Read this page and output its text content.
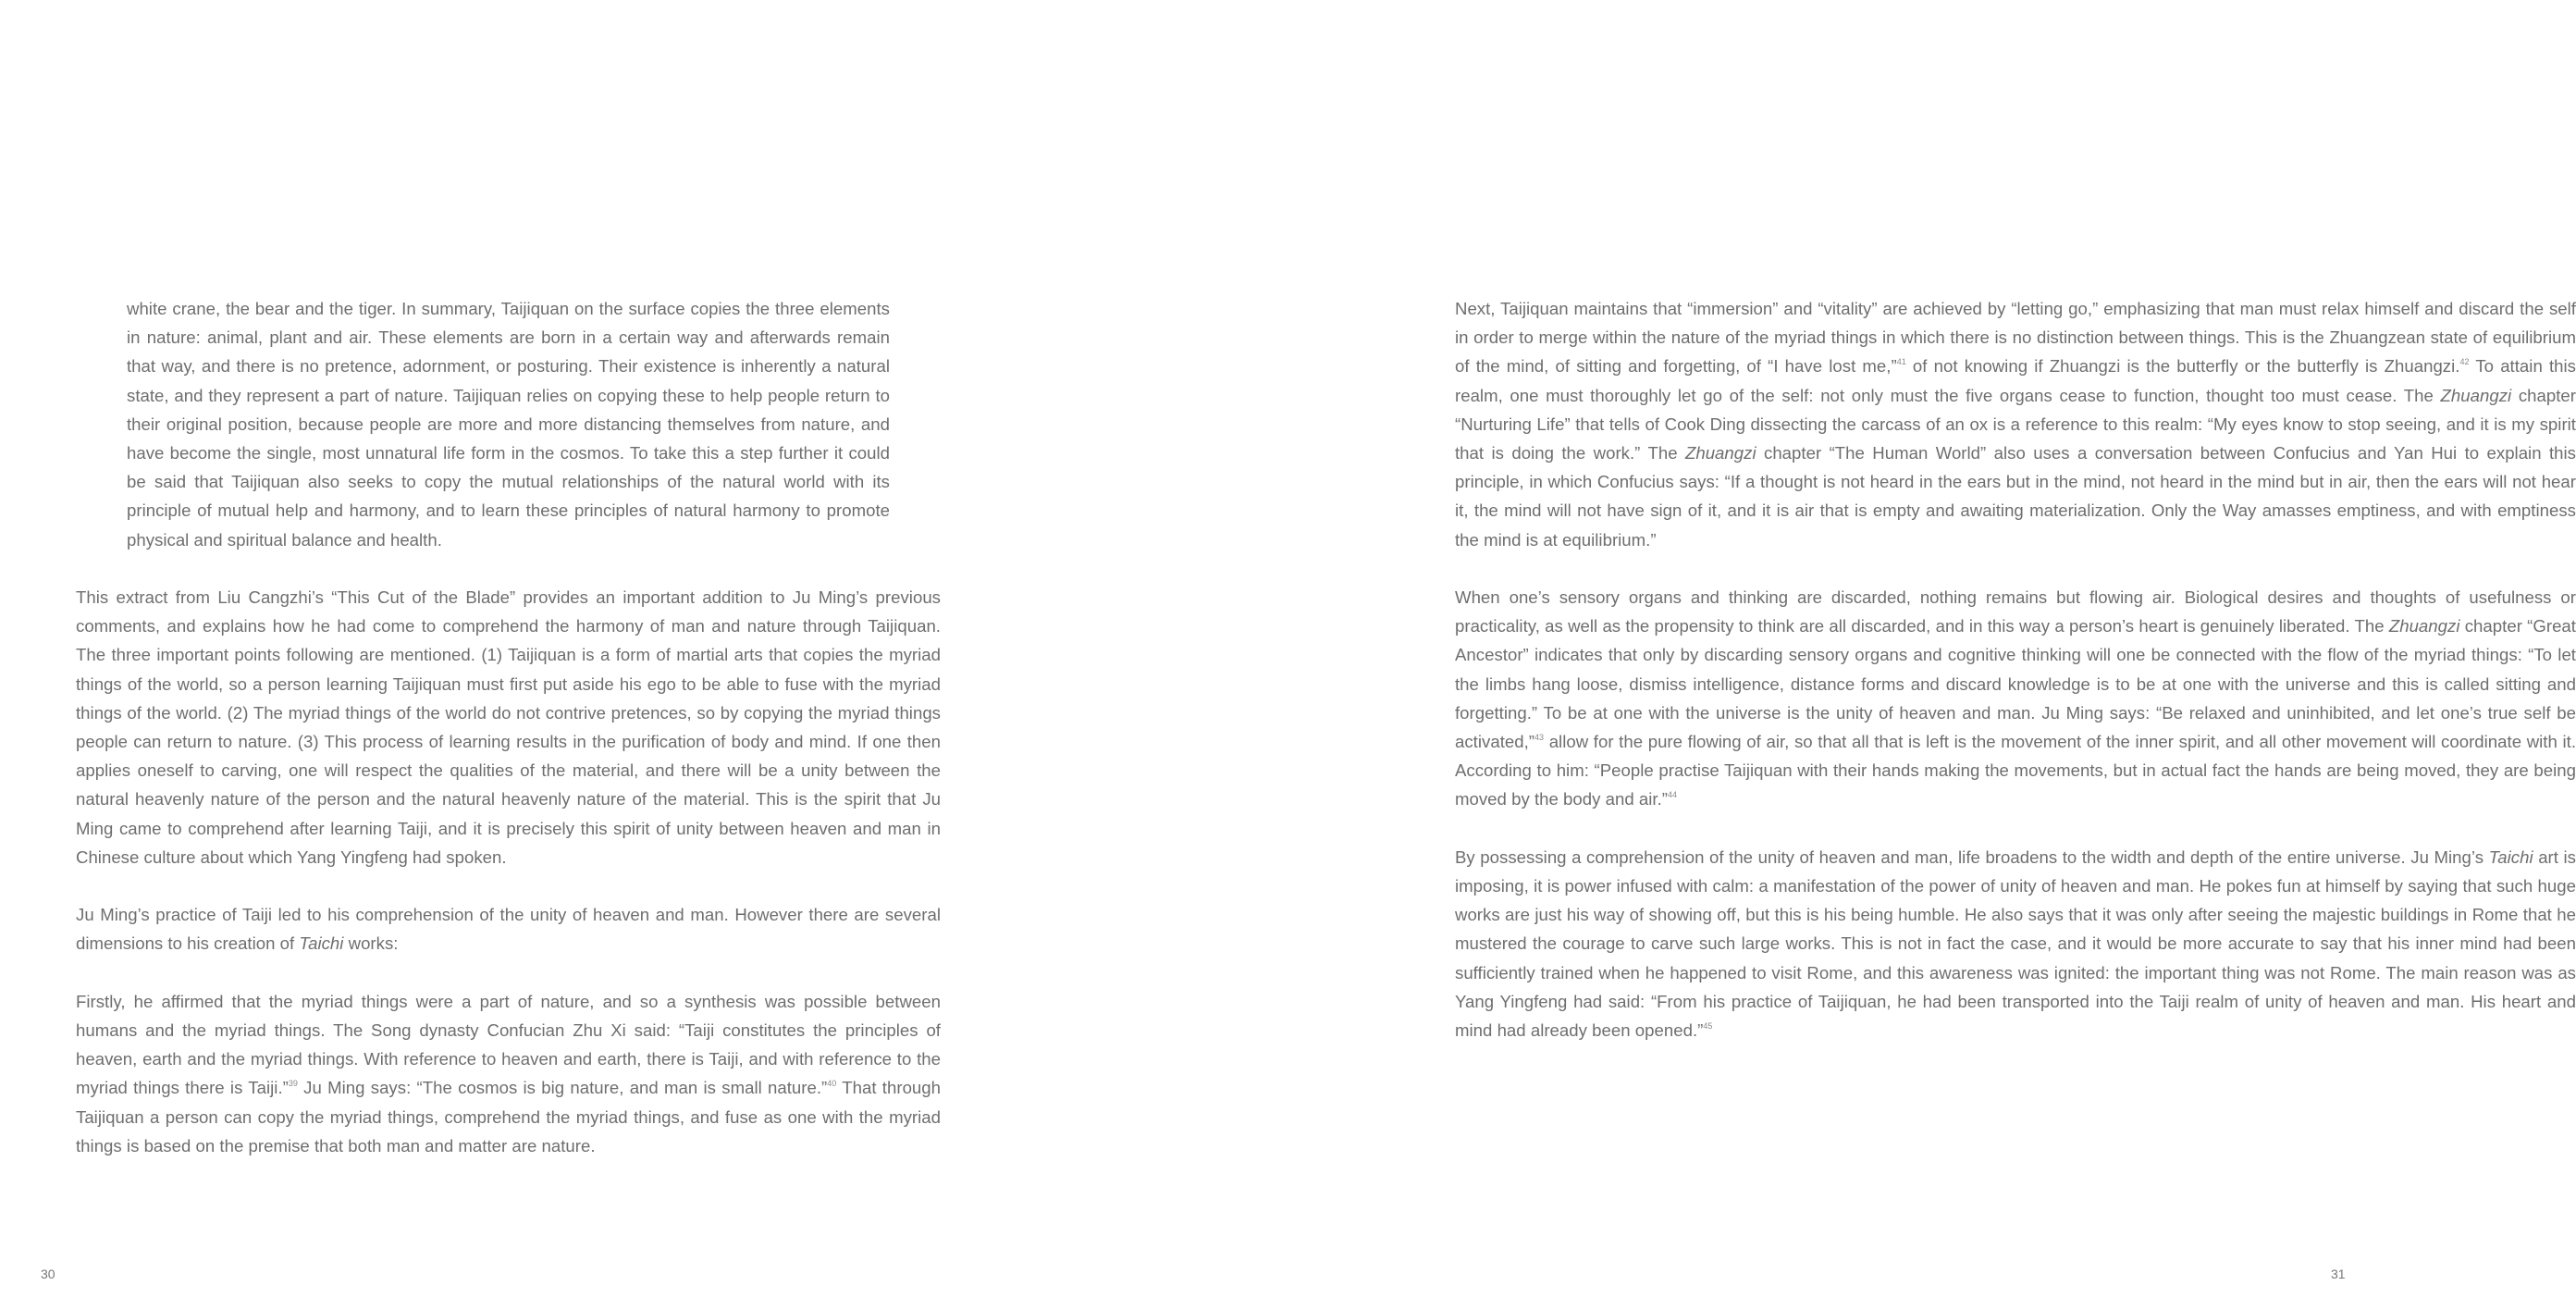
white crane, the bear and the tiger. In summary, Taijiquan on the surface copies the three elements in nature: animal, plant and air. These elements are born in a certain way and afterwards remain that way, and there is no pretence, adornment, or posturing. Their existence is inherently a natural state, and they represent a part of nature. Taijiquan relies on copying these to help people return to their original position, because people are more and more distancing themselves from nature, and have become the single, most unnatural life form in the cosmos. To take this a step further it could be said that Taijiquan also seeks to copy the mutual relationships of the natural world with its principle of mutual help and harmony, and to learn these principles of natural harmony to promote physical and spiritual balance and health.

This extract from Liu Cangzhi’s “This Cut of the Blade” provides an important addition to Ju Ming’s previous comments, and explains how he had come to comprehend the harmony of man and nature through Taijiquan. The three important points following are mentioned. (1) Taijiquan is a form of martial arts that copies the myriad things of the world, so a person learning Taijiquan must first put aside his ego to be able to fuse with the myriad things of the world. (2) The myriad things of the world do not contrive pretences, so by copying the myriad things people can return to nature. (3) This process of learning results in the purification of body and mind. If one then applies oneself to carving, one will respect the qualities of the material, and there will be a unity between the natural heavenly nature of the person and the natural heavenly nature of the material. This is the spirit that Ju Ming came to comprehend after learning Taiji, and it is precisely this spirit of unity between heaven and man in Chinese culture about which Yang Yingfeng had spoken.

Ju Ming’s practice of Taiji led to his comprehension of the unity of heaven and man. However there are several dimensions to his creation of Taichi works:

Firstly, he affirmed that the myriad things were a part of nature, and so a synthesis was possible between humans and the myriad things. The Song dynasty Confucian Zhu Xi said: “Taiji constitutes the principles of heaven, earth and the myriad things. With reference to heaven and earth, there is Taiji, and with reference to the myriad things there is Taiji.”$^{39}$ Ju Ming says: “The cosmos is big nature, and man is small nature.”$^{40}$ That through Taijiquan a person can copy the myriad things, comprehend the myriad things, and fuse as one with the myriad things is based on the premise that both man and matter are nature.

30

Next, Taijiquan maintains that “immersion” and “vitality” are achieved by “letting go,” emphasizing that man must relax himself and discard the self in order to merge within the nature of the myriad things in which there is no distinction between things. This is the Zhuangzean state of equilibrium of the mind, of sitting and forgetting, of “I have lost me,”$^{41}$ of not knowing if Zhuangzi is the butterfly or the butterfly is Zhuangzi.$^{42}$ To attain this realm, one must thoroughly let go of the self: not only must the five organs cease to function, thought too must cease. The Zhuangzi chapter “Nurturing Life” that tells of Cook Ding dissecting the carcass of an ox is a reference to this realm: “My eyes know to stop seeing, and it is my spirit that is doing the work.” The Zhuangzi chapter “The Human World” also uses a conversation between Confucius and Yan Hui to explain this principle, in which Confucius says: “If a thought is not heard in the ears but in the mind, not heard in the mind but in air, then the ears will not hear it, the mind will not have sign of it, and it is air that is empty and awaiting materialization. Only the Way amasses emptiness, and with emptiness the mind is at equilibrium.”

When one’s sensory organs and thinking are discarded, nothing remains but flowing air. Biological desires and thoughts of usefulness or practicality, as well as the propensity to think are all discarded, and in this way a person’s heart is genuinely liberated. The Zhuangzi chapter “Great Ancestor” indicates that only by discarding sensory organs and cognitive thinking will one be connected with the flow of the myriad things: “To let the limbs hang loose, dismiss intelligence, distance forms and discard knowledge is to be at one with the universe and this is called sitting and forgetting.” To be at one with the universe is the unity of heaven and man. Ju Ming says: “Be relaxed and uninhibited, and let one’s true self be activated,”$^{43}$ allow for the pure flowing of air, so that all that is left is the movement of the inner spirit, and all other movement will coordinate with it. According to him: “People practise Taijiquan with their hands making the movements, but in actual fact the hands are being moved, they are being moved by the body and air.”$^{44}$

By possessing a comprehension of the unity of heaven and man, life broadens to the width and depth of the entire universe. Ju Ming’s Taichi art is imposing, it is power infused with calm: a manifestation of the power of unity of heaven and man. He pokes fun at himself by saying that such huge works are just his way of showing off, but this is his being humble. He also says that it was only after seeing the majestic buildings in Rome that he mustered the courage to carve such large works. This is not in fact the case, and it would be more accurate to say that his inner mind had been sufficiently trained when he happened to visit Rome, and this awareness was ignited: the important thing was not Rome. The main reason was as Yang Yingfeng had said: “From his practice of Taijiquan, he had been transported into the Taiji realm of unity of heaven and man. His heart and mind had already been opened.”$^{45}$

31
